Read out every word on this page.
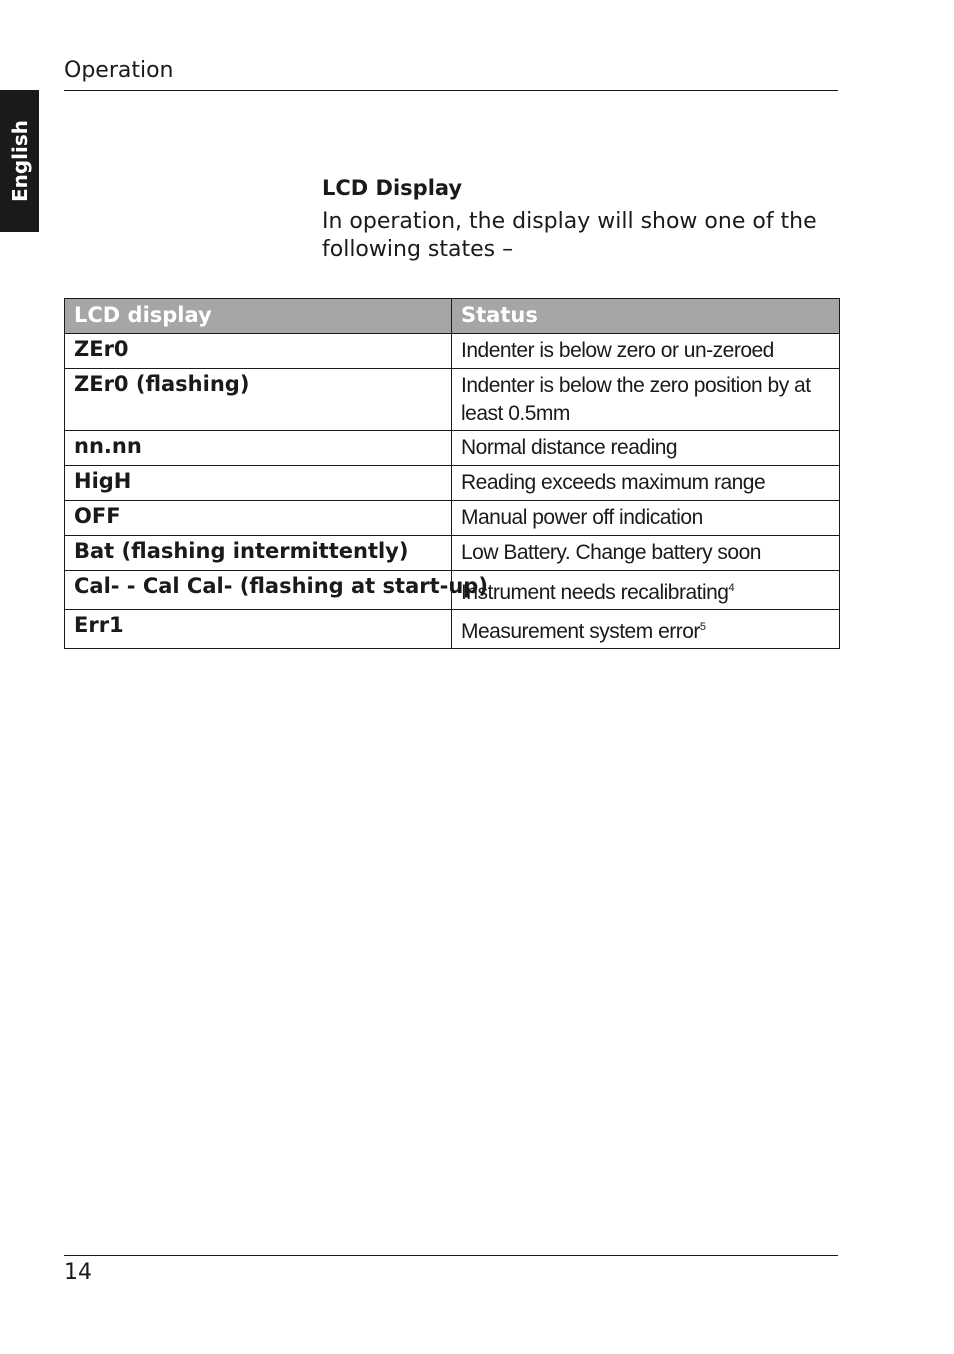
Operation
English	LCD Display
In operation, the display will show one of the following states –
LCD display	Status
ZEr0	Indenter is below zero or un-zeroed
ZEr0 (flashing)	Indenter is below the zero position by at least 0.5mm
nn.nn	Normal distance reading
HigH	Reading exceeds maximum range
OFF	Manual power off indication
Bat (flashing intermittently)	Low Battery. Change battery soon
Cal- - Cal Cal- (flashing at start-up)	Instrument needs recalibrating$^4$
Err1	Measurement system error$^5$
14
